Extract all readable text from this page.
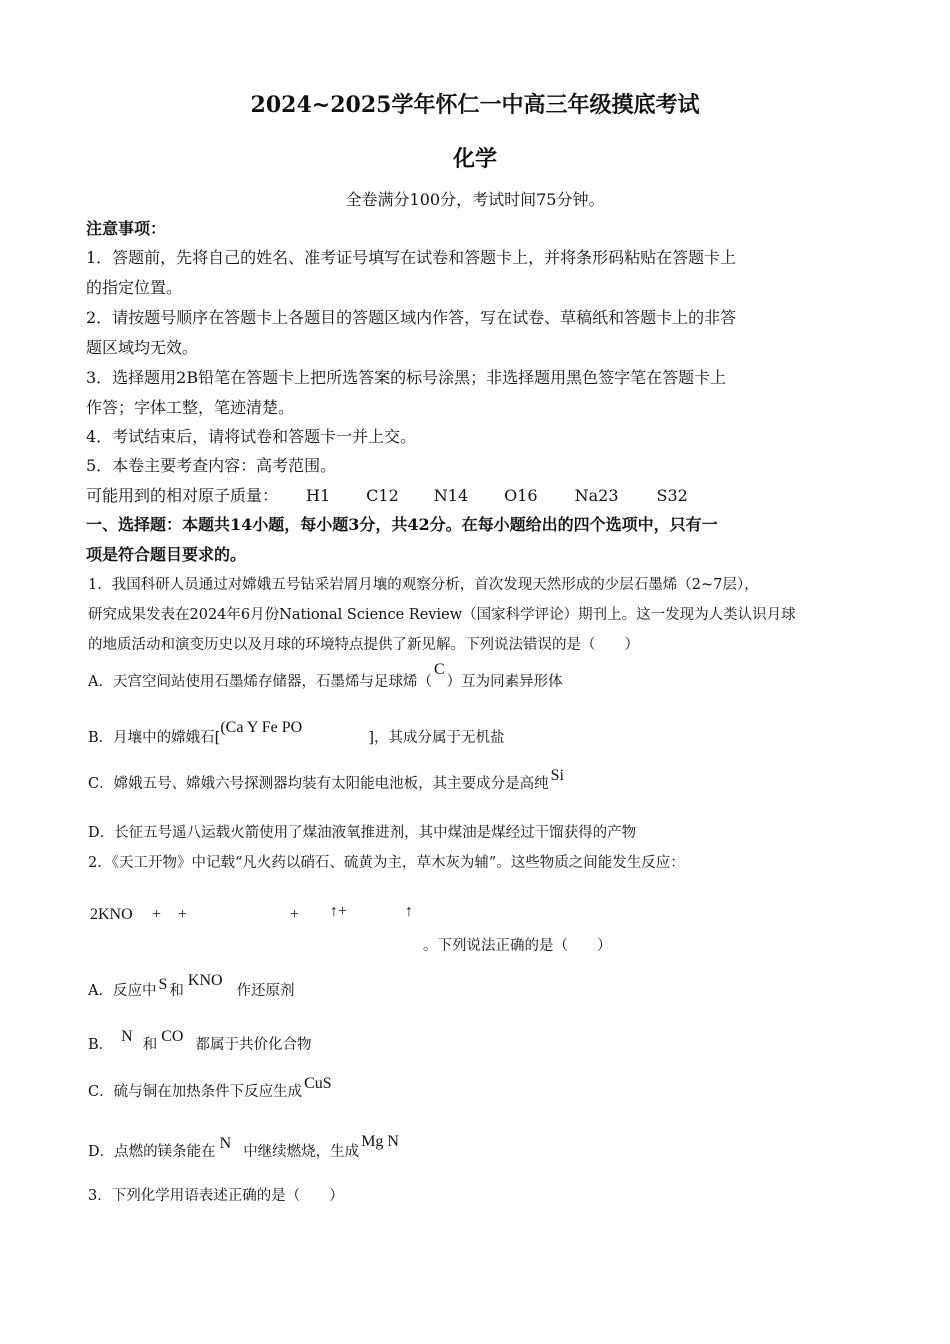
2024~2025学年怀仁一中高三年级摸底考试
化学
全卷满分100分，考试时间75分钟。
注意事项：
1．答题前，先将自己的姓名、准考证号填写在试卷和答题卡上，并将条形码粘贴在答题卡上
的指定位置。
2．请按题号顺序在答题卡上各题目的答题区域内作答，写在试卷、草稿纸和答题卡上的非答
题区域均无效。
3．选择题用2B铅笔在答题卡上把所选答案的标号涂黑；非选择题用黑色签字笔在答题卡上
作答；字体工整，笔迹清楚。
4．考试结束后，请将试卷和答题卡一并上交。
5．本卷主要考查内容：高考范围。
可能用到的相对原子质量： H1 C12 N14 O16 Na23 S32
一、选择题：本题共14小题，每小题3分，共42分。在每小题给出的四个选项中，只有一
项是符合题目要求的。
1．我国科研人员通过对嫦娥五号钻采岩屑月壤的观察分析，首次发现天然形成的少层石墨烯（2~7层），
研究成果发表在2024年6月份National Science Review（国家科学评论）期刊上。这一发现为人类认识月球
的地质活动和演变历史以及月球的环境特点提供了新见解。下列说法错误的是（　　）
A．天宫空间站使用石墨烯存储器，石墨烯与足球烯（C）互为同素异形体
B．月壤中的嫦娥石[(Ca Y Fe PO]，其成分属于无机盐
C．嫦娥五号、嫦娥六号探测器均装有太阳能电池板，其主要成分是高纯 Si
D．长征五号遥八运载火箭使用了煤油液氧推进剂，其中煤油是煤经过干馏获得的产物
2．《天工开物》中记载“凡火药以硝石、硫黄为主，草木灰为辅”。这些物质之间能发生反应：
2KNO + +	+ ↑+	↑
。下列说法正确的是（　　）
A．反应中 S 和KNO作还原剂
B． N 和 CO 都属于共价化合物
C．硫与铜在加热条件下反应生成 CuS
D．点燃的镁条能在 N 中继续燃烧，生成Mg N
3．下列化学用语表述正确的是（　　）
